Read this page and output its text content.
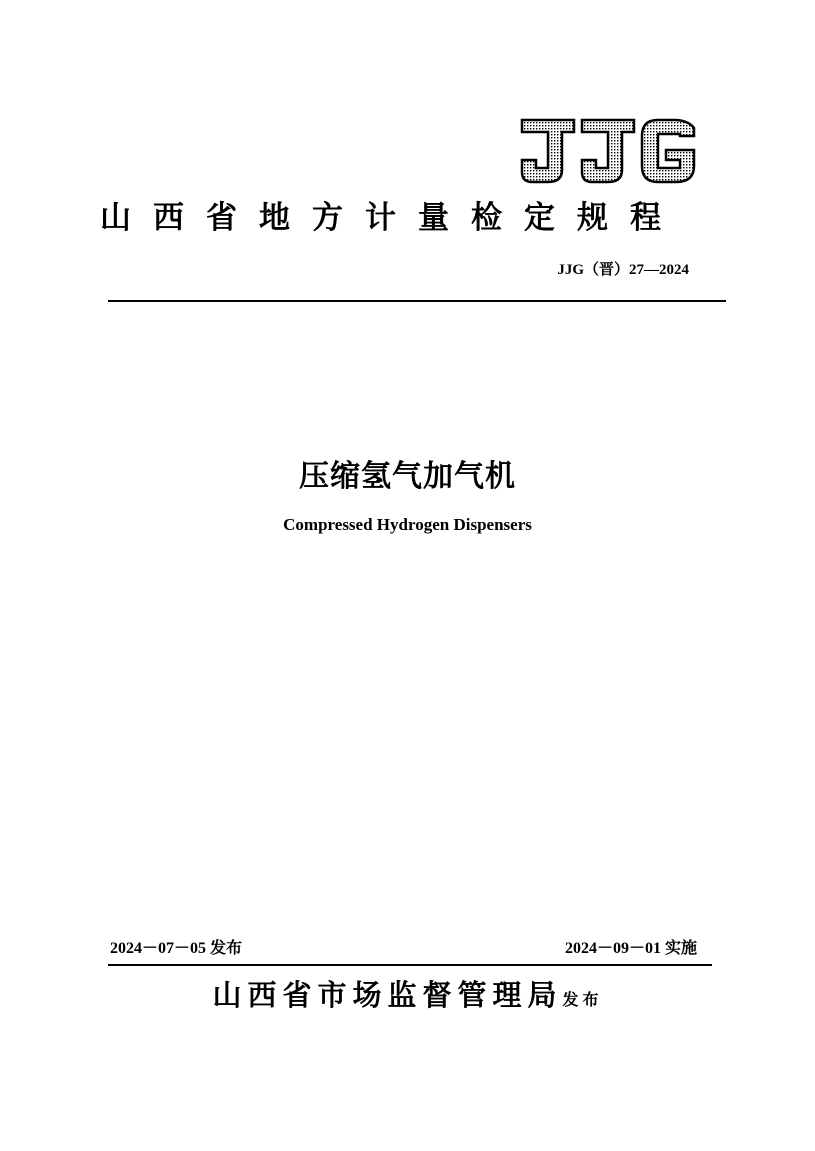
山西省地方计量检定规程
JJG（晋）27—2024
压缩氢气加气机
Compressed Hydrogen Dispensers
2024－07－05 发布	2024－09－01 实施
山西省市场监督管理局发布
